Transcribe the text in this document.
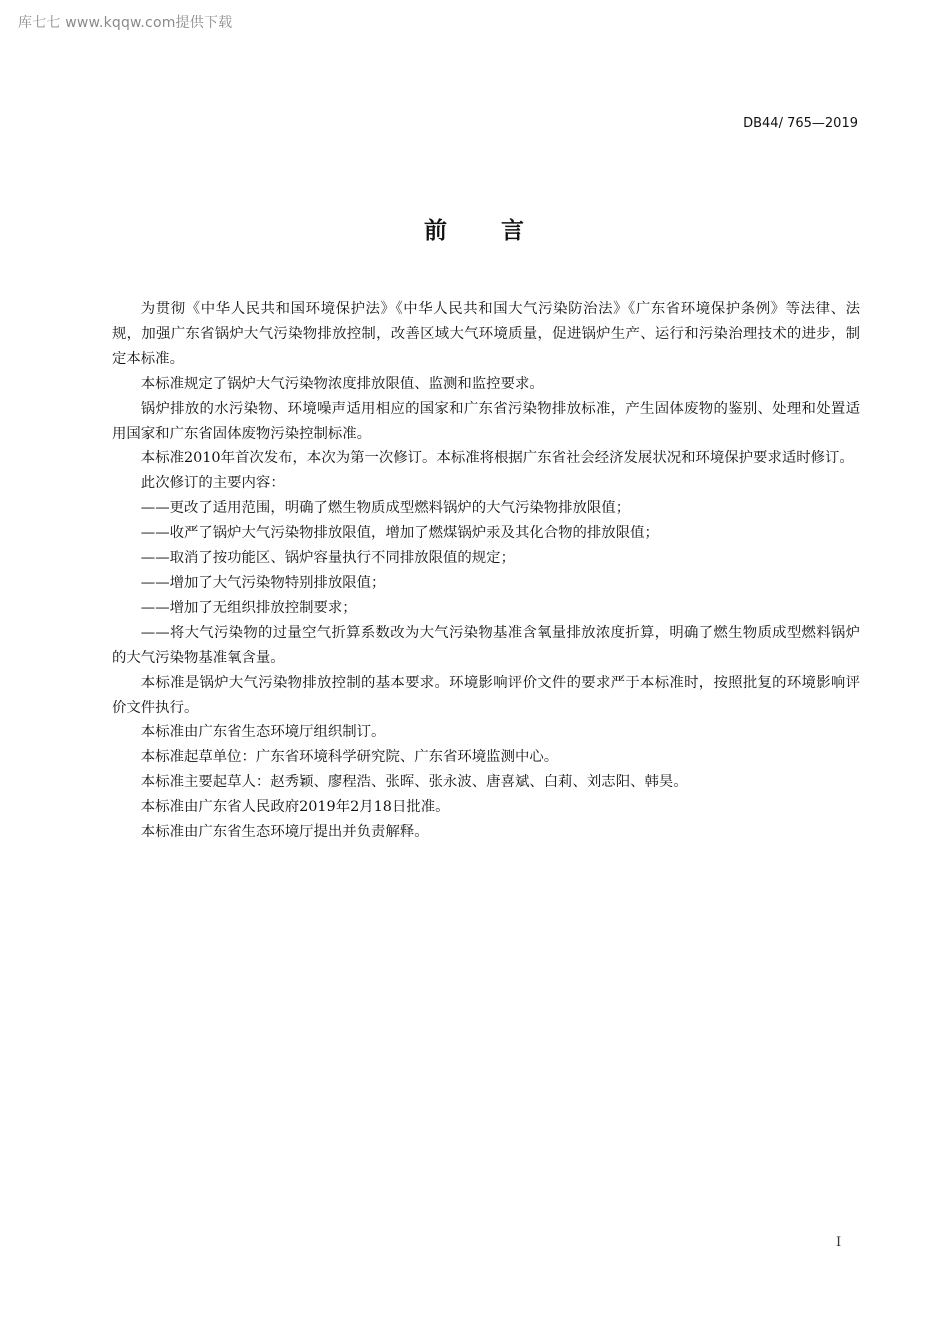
库七七 www.kqqw.com提供下载
DB44/ 765—2019
前 言

为贯彻《中华人民共和国环境保护法》《中华人民共和国大气污染防治法》《广东省环境保护条例》等法律、法规，加强广东省锅炉大气污染物排放控制，改善区域大气环境质量，促进锅炉生产、运行和污染治理技术的进步，制定本标准。

本标准规定了锅炉大气污染物浓度排放限值、监测和监控要求。

锅炉排放的水污染物、环境噪声适用相应的国家和广东省污染物排放标准，产生固体废物的鉴别、处理和处置适用国家和广东省固体废物污染控制标准。

本标准2010年首次发布，本次为第一次修订。本标准将根据广东省社会经济发展状况和环境保护要求适时修订。

此次修订的主要内容：

——更改了适用范围，明确了燃生物质成型燃料锅炉的大气污染物排放限值；

——收严了锅炉大气污染物排放限值，增加了燃煤锅炉汞及其化合物的排放限值；

——取消了按功能区、锅炉容量执行不同排放限值的规定；

——增加了大气污染物特别排放限值；

——增加了无组织排放控制要求；

——将大气污染物的过量空气折算系数改为大气污染物基准含氧量排放浓度折算，明确了燃生物质成型燃料锅炉的大气污染物基准氧含量。

本标准是锅炉大气污染物排放控制的基本要求。环境影响评价文件的要求严于本标准时，按照批复的环境影响评价文件执行。

本标准由广东省生态环境厅组织制订。

本标准起草单位：广东省环境科学研究院、广东省环境监测中心。

本标准主要起草人：赵秀颖、廖程浩、张晖、张永波、唐喜斌、白莉、刘志阳、韩昊。

本标准由广东省人民政府2019年2月18日批准。

本标准由广东省生态环境厅提出并负责解释。

I
